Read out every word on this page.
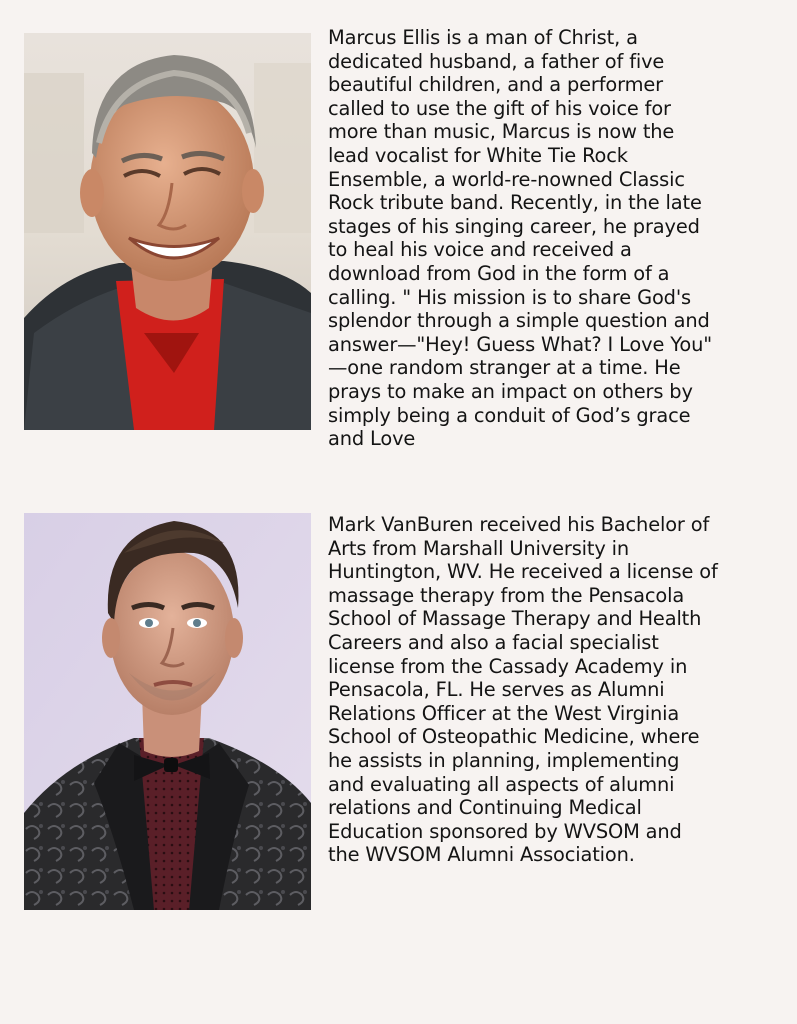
Marcus Ellis is a man of Christ, a
dedicated husband, a father of five
beautiful children, and a performer
called to use the gift of his voice for
more than music, Marcus is now the
lead vocalist for White Tie Rock
Ensemble, a world-re-nowned Classic
Rock tribute band. Recently, in the late
stages of his singing career, he prayed
to heal his voice and received a
download from God in the form of a
calling. " His mission is to share God's
splendor through a simple question and
answer—"Hey! Guess What? I Love You"
—one random stranger at a time. He
prays to make an impact on others by
simply being a conduit of God’s grace
and Love

Mark VanBuren received his Bachelor of
Arts from Marshall University in
Huntington, WV. He received a license of
massage therapy from the Pensacola
School of Massage Therapy and Health
Careers and also a facial specialist
license from the Cassady Academy in
Pensacola, FL. He serves as Alumni
Relations Officer at the West Virginia
School of Osteopathic Medicine, where
he assists in planning, implementing
and evaluating all aspects of alumni
relations and Continuing Medical
Education sponsored by WVSOM and
the WVSOM Alumni Association.
